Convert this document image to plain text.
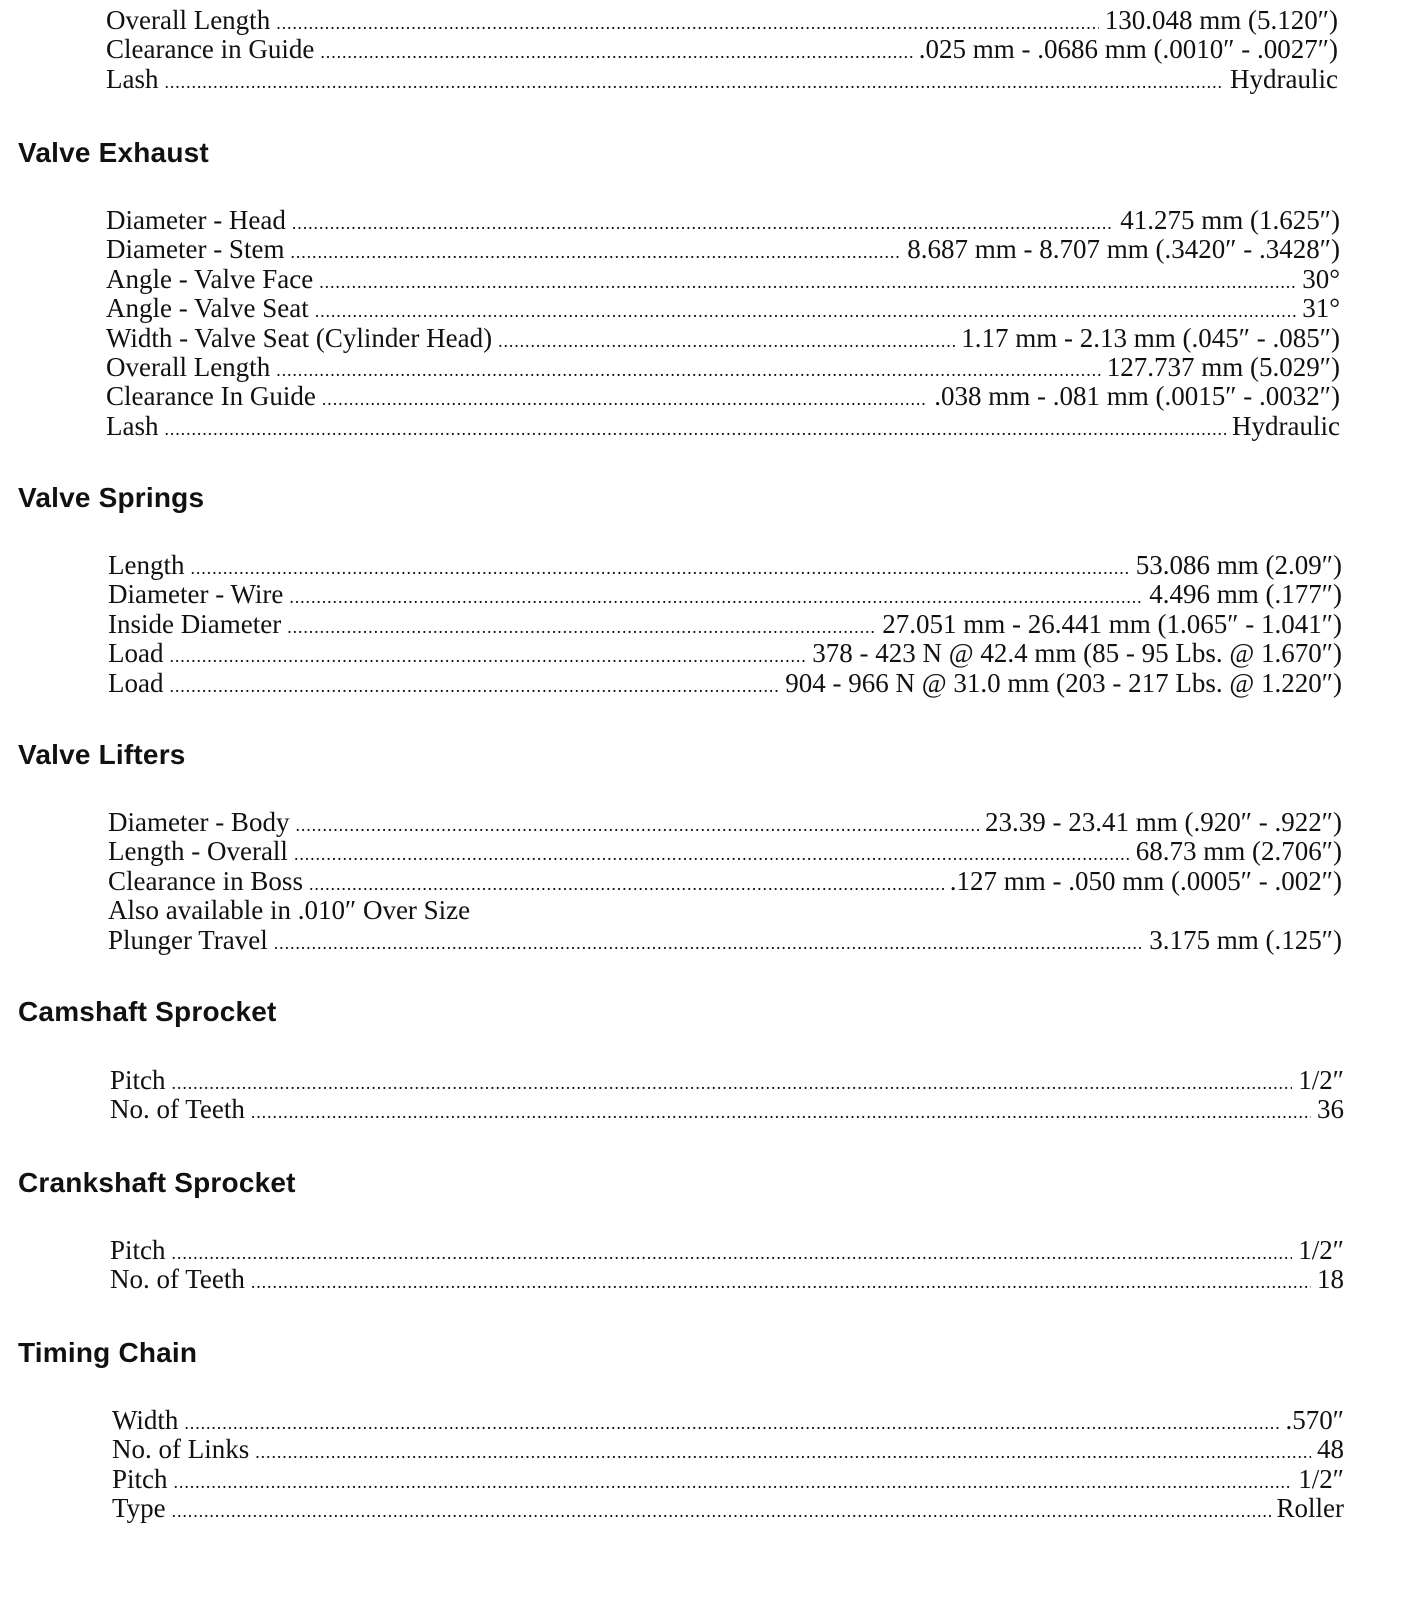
Overall Length .....	130.048 mm (5.120″)
Clearance in Guide .....	.025 mm - .0686 mm (.0010″ - .0027″)
Lash .....	Hydraulic
Valve Exhaust
Diameter - Head .....	41.275 mm (1.625″)
Diameter - Stem .....	8.687 mm - 8.707 mm (.3420″ - .3428″)
Angle - Valve Face .....	30°
Angle - Valve Seat .....	31°
Width - Valve Seat (Cylinder Head) .....	1.17 mm - 2.13 mm (.045″ - .085″)
Overall Length .....	127.737 mm (5.029″)
Clearance In Guide .....	.038 mm - .081 mm (.0015″ - .0032″)
Lash .....	Hydraulic
Valve Springs
Length .....	53.086 mm (2.09″)
Diameter - Wire .....	4.496 mm (.177″)
Inside Diameter .....	27.051 mm - 26.441 mm (1.065″ - 1.041″)
Load .....	378 - 423 N @ 42.4 mm (85 - 95 Lbs. @ 1.670″)
Load .....	904 - 966 N @ 31.0 mm (203 - 217 Lbs. @ 1.220″)
Valve Lifters
Diameter - Body .....	23.39 - 23.41 mm (.920″ - .922″)
Length - Overall .....	68.73 mm (2.706″)
Clearance in Boss .....	.127 mm - .050 mm (.0005″ - .002″)
Also available in .010″ Over Size
Plunger Travel .....	3.175 mm (.125″)
Camshaft Sprocket
Pitch .....	1/2″
No. of Teeth .....	36
Crankshaft Sprocket
Pitch .....	1/2″
No. of Teeth .....	18
Timing Chain
Width .....	.570″
No. of Links .....	48
Pitch .....	1/2″
Type .....	Roller
